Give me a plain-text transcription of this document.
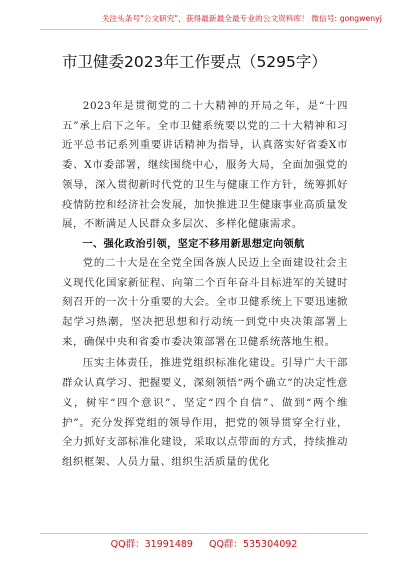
关注头条号"公文研究"，获得最新最全最专业的公文资料库！ 微信号: gongwenyj
市卫健委2023年工作要点（5295字）

2023年是贯彻党的二十大精神的开局之年，是“十四五”承上启下之年。全市卫健系统要以党的二十大精神和习近平总书记系列重要讲话精神为指导，认真落实好省委X市委、X市委部署，继续围绕中心，服务大局，全面加强党的领导，深入贯彻新时代党的卫生与健康工作方针，统筹抓好疫情防控和经济社会发展，加快推进卫生健康事业高质量发展，不断满足人民群众多层次、多样化健康需求。

一、强化政治引领，坚定不移用新思想定向领航

党的二十大是在全党全国各族人民迈上全面建设社会主义现代化国家新征程、向第二个百年奋斗目标进军的关键时刻召开的一次十分重要的大会。全市卫健系统上下要迅速掀起学习热潮，坚决把思想和行动统一到党中央决策部署上来，确保中央和省委市委决策部署在卫健系统落地生根。

压实主体责任，推进党组织标准化建设。引导广大干部群众认真学习、把握要义，深刻领悟“两个确立”的决定性意义，树牢“四个意识”、坚定“四个自信”、做到“两个维护”。充分发挥党组的领导作用，把党的领导贯穿全行业，全力抓好支部标准化建设，采取以点带面的方式，持续推动组织框架、人员力量、组织生活质量的优化

QQ群：31991489 QQ群：535304092
